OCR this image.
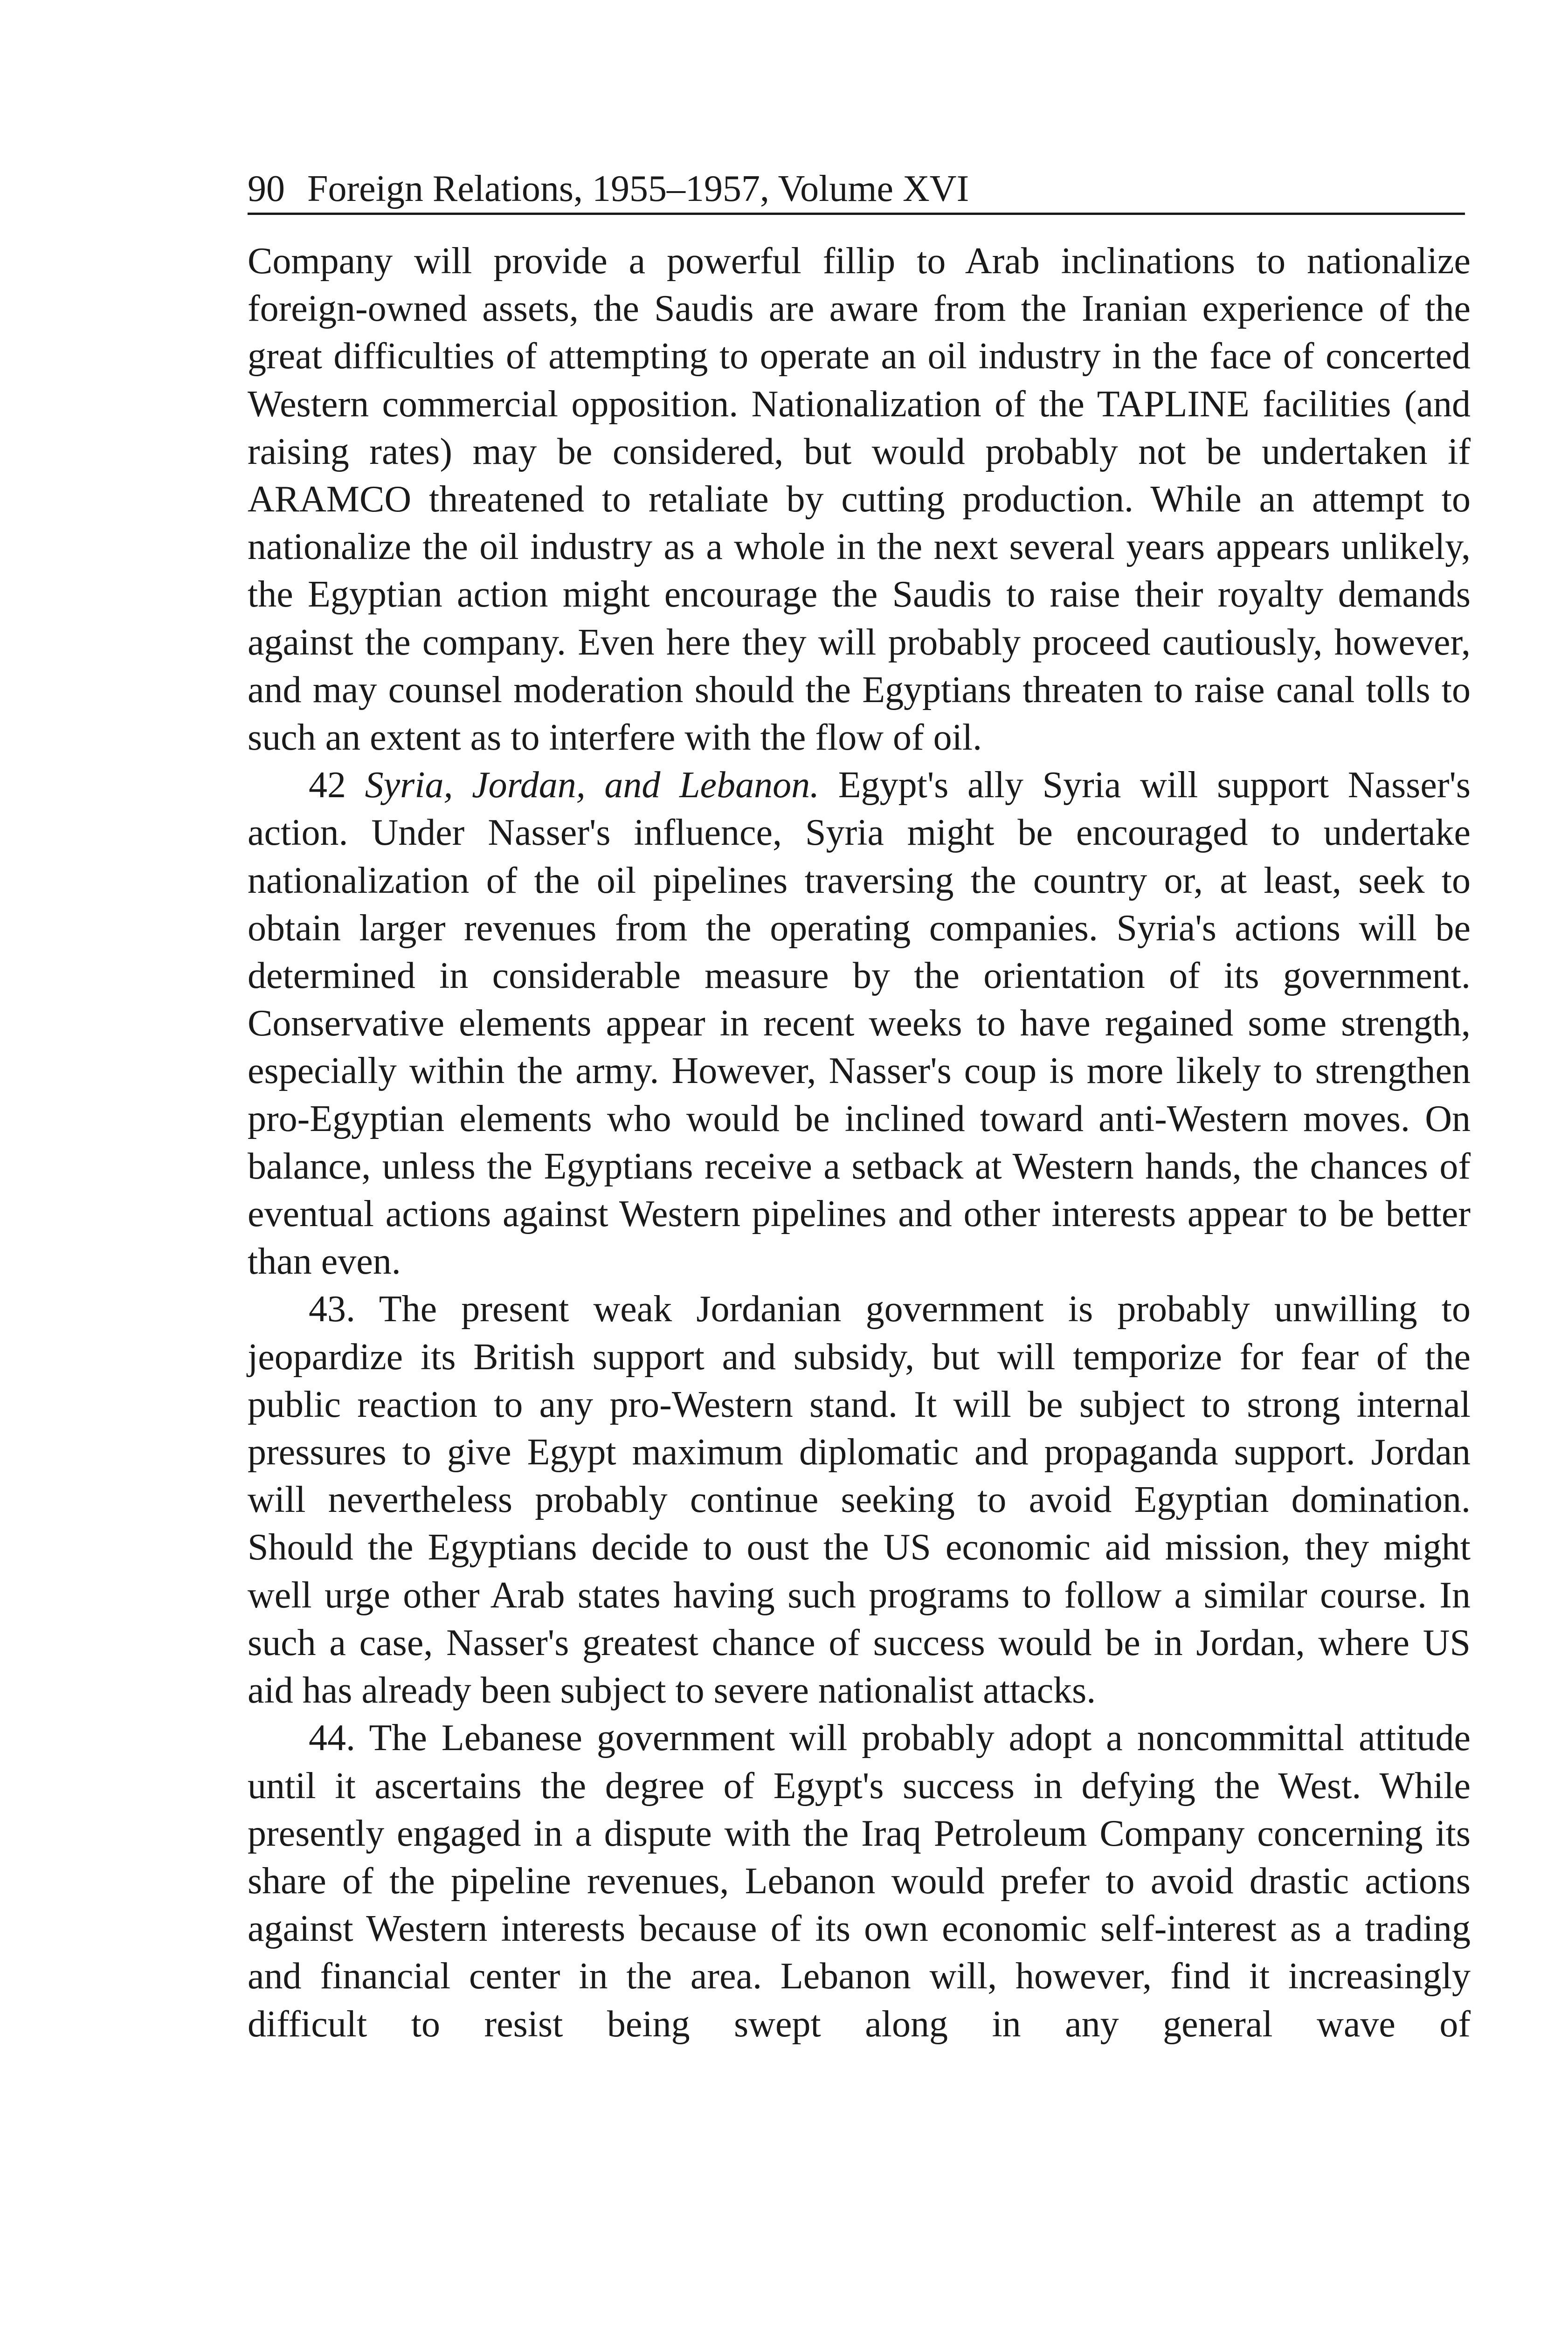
90 Foreign Relations, 1955–1957, Volume XVI

Company will provide a powerful fillip to Arab inclinations to nationalize foreign-owned assets, the Saudis are aware from the Iranian experience of the great difficulties of attempting to operate an oil industry in the face of concerted Western commercial opposition. Nationalization of the TAPLINE facilities (and raising rates) may be considered, but would probably not be undertaken if ARAMCO threatened to retaliate by cutting production. While an attempt to nationalize the oil industry as a whole in the next several years appears unlikely, the Egyptian action might encourage the Saudis to raise their royalty demands against the company. Even here they will probably proceed cautiously, however, and may counsel moderation should the Egyptians threaten to raise canal tolls to such an extent as to interfere with the flow of oil.

42 Syria, Jordan, and Lebanon. Egypt's ally Syria will support Nasser's action. Under Nasser's influence, Syria might be encouraged to undertake nationalization of the oil pipelines traversing the country or, at least, seek to obtain larger revenues from the operating companies. Syria's actions will be determined in considerable measure by the orientation of its government. Conservative elements appear in recent weeks to have regained some strength, especially within the army. However, Nasser's coup is more likely to strengthen pro-Egyptian elements who would be inclined toward anti-Western moves. On balance, unless the Egyptians receive a setback at Western hands, the chances of eventual actions against Western pipelines and other interests appear to be better than even.

43. The present weak Jordanian government is probably unwilling to jeopardize its British support and subsidy, but will temporize for fear of the public reaction to any pro-Western stand. It will be subject to strong internal pressures to give Egypt maximum diplomatic and propaganda support. Jordan will nevertheless probably continue seeking to avoid Egyptian domination. Should the Egyptians decide to oust the US economic aid mission, they might well urge other Arab states having such programs to follow a similar course. In such a case, Nasser's greatest chance of success would be in Jordan, where US aid has already been subject to severe nationalist attacks.

44. The Lebanese government will probably adopt a noncommittal attitude until it ascertains the degree of Egypt's success in defying the West. While presently engaged in a dispute with the Iraq Petroleum Company concerning its share of the pipeline revenues, Lebanon would prefer to avoid drastic actions against Western interests because of its own economic self-interest as a trading and financial center in the area. Lebanon will, however, find it increasingly difficult to resist being swept along in any general wave of
